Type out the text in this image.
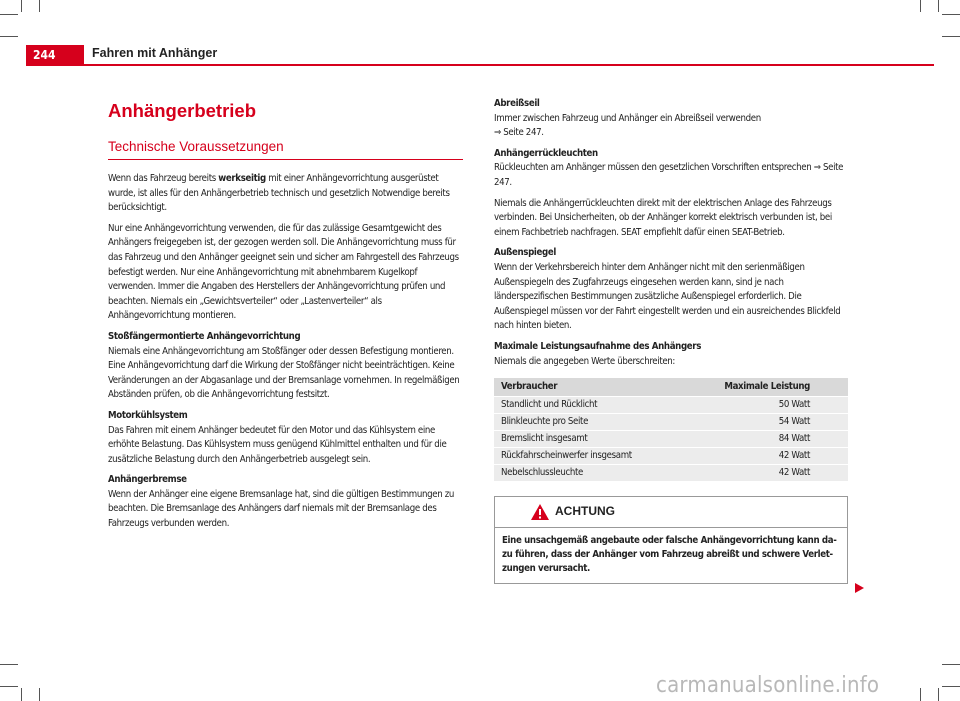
244	Fahren mit Anhänger
Anhängerbetrieb
Technische Voraussetzungen

Wenn das Fahrzeug bereits werkseitig mit einer Anhängevorrichtung ausgerüstet wurde, ist alles für den Anhängerbetrieb technisch und gesetzlich Notwendige bereits berücksichtigt.

Nur eine Anhängevorrichtung verwenden, die für das zulässige Gesamtgewicht des Anhängers freigegeben ist, der gezogen werden soll. Die Anhängevorrichtung muss für das Fahrzeug und den Anhänger geeignet sein und sicher am Fahrgestell des Fahrzeugs befestigt werden. Nur eine Anhängevorrichtung mit abnehmbarem Kugelkopf verwenden. Immer die Angaben des Herstellers der Anhängevorrichtung prüfen und beachten. Niemals ein „Gewichtsverteiler“ oder „Lastenverteiler“ als Anhängevorrichtung montieren.

Stoßfängermontierte Anhängevorrichtung

Niemals eine Anhängevorrichtung am Stoßfänger oder dessen Befestigung montieren. Eine Anhängevorrichtung darf die Wirkung der Stoßfänger nicht beeinträchtigen. Keine Veränderungen an der Abgasanlage und der Bremsanlage vornehmen. In regelmäßigen Abständen prüfen, ob die Anhängevorrichtung festsitzt.

Motorkühlsystem

Das Fahren mit einem Anhänger bedeutet für den Motor und das Kühlsystem eine erhöhte Belastung. Das Kühlsystem muss genügend Kühlmittel enthalten und für die zusätzliche Belastung durch den Anhängerbetrieb ausgelegt sein.

Anhängerbremse

Wenn der Anhänger eine eigene Bremsanlage hat, sind die gültigen Bestimmungen zu beachten. Die Bremsanlage des Anhängers darf niemals mit der Bremsanlage des Fahrzeugs verbunden werden.

Abreißseil

Immer zwischen Fahrzeug und Anhänger ein Abreißseil verwenden
⇒ Seite 247.

Anhängerrückleuchten

Rückleuchten am Anhänger müssen den gesetzlichen Vorschriften entsprechen ⇒ Seite 247.

Niemals die Anhängerrückleuchten direkt mit der elektrischen Anlage des Fahrzeugs verbinden. Bei Unsicherheiten, ob der Anhänger korrekt elektrisch verbunden ist, bei einem Fachbetrieb nachfragen. SEAT empfiehlt dafür einen SEAT-Betrieb.

Außenspiegel

Wenn der Verkehrsbereich hinter dem Anhänger nicht mit den serienmäßigen Außenspiegeln des Zugfahrzeugs eingesehen werden kann, sind je nach länderspezifischen Bestimmungen zusätzliche Außenspiegel erforderlich. Die Außenspiegel müssen vor der Fahrt eingestellt werden und ein ausreichendes Blickfeld nach hinten bieten.

Maximale Leistungsaufnahme des Anhängers

Niemals die angegeben Werte überschreiten:

Verbraucher	Maximale Leistung
Standlicht und Rücklicht	50 Watt
Blinkleuchte pro Seite	54 Watt
Bremslicht insgesamt	84 Watt
Rückfahrscheinwerfer insgesamt	42 Watt
Nebelschlussleuchte	42 Watt
ACHTUNG
Eine unsachgemäß angebaute oder falsche Anhängevorrichtung kann dazu führen, dass der Anhänger vom Fahrzeug abreißt und schwere Verletzungen verursacht.
carmanualsonline.info
